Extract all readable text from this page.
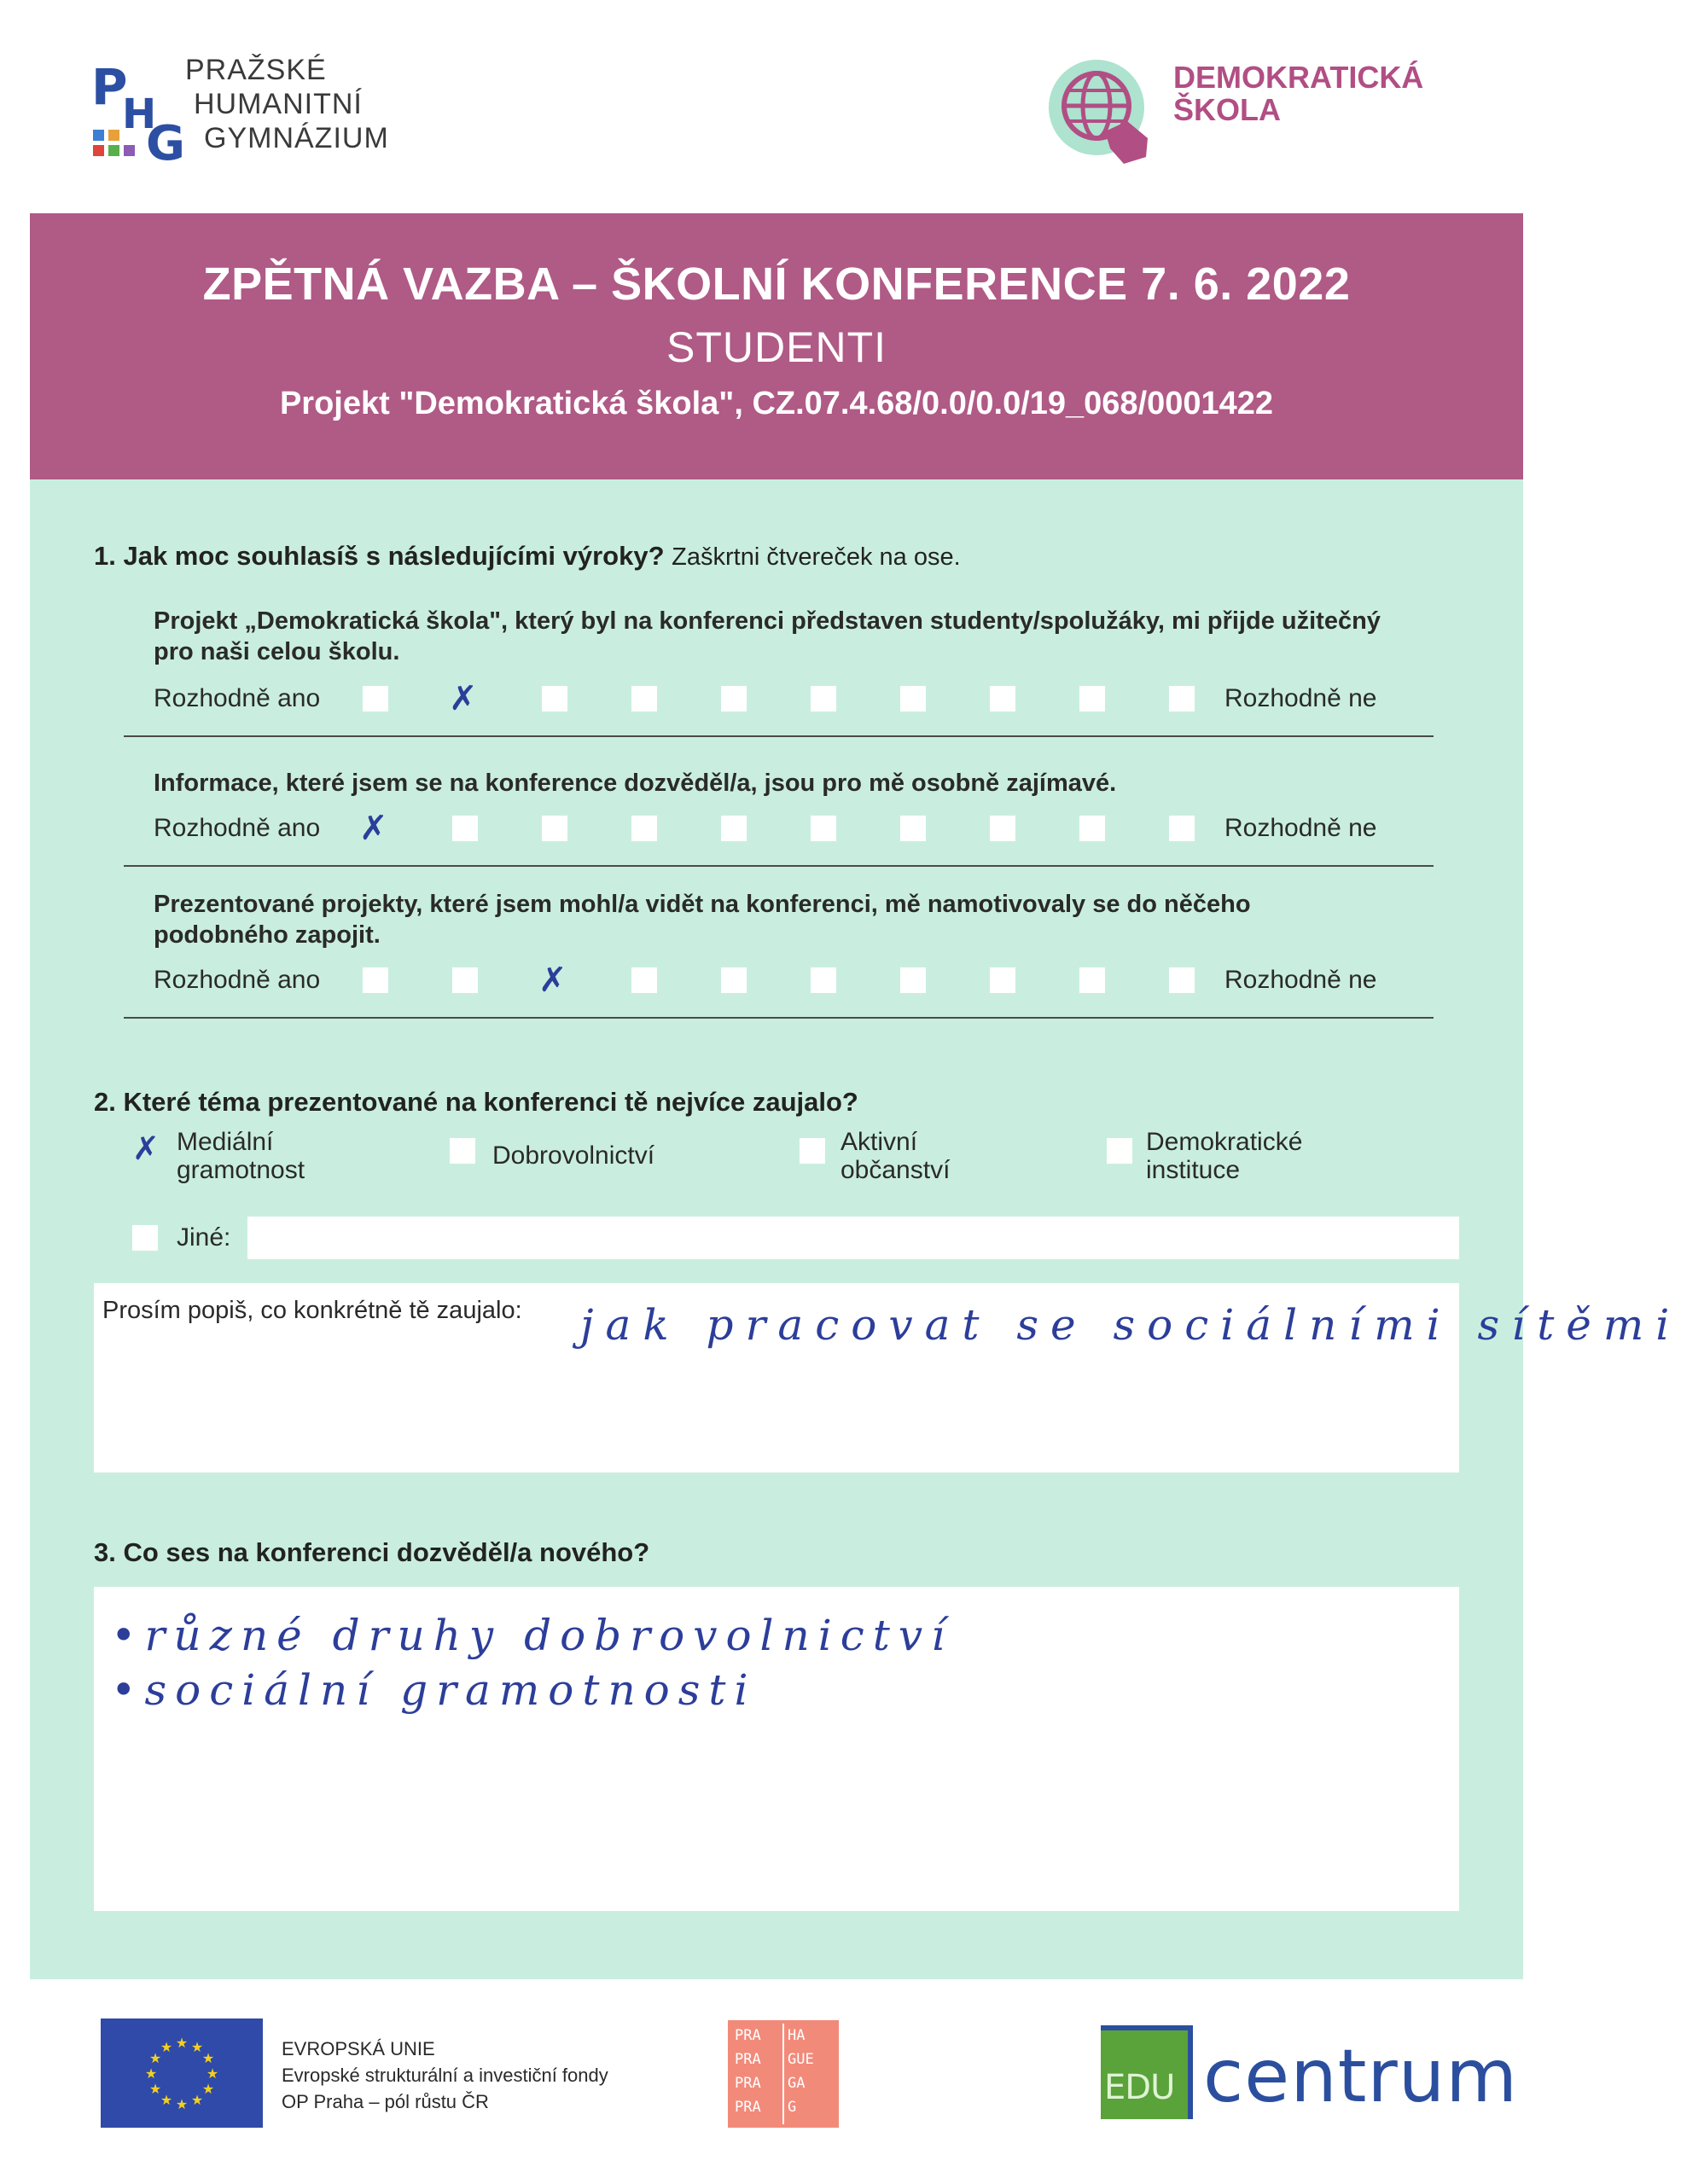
P
H
G
PRAŽSKÉ
HUMANITNÍ
GYMNÁZIUM
DEMOKRATICKÁ
ŠKOLA
ZPĚTNÁ VAZBA – ŠKOLNÍ KONFERENCE 7. 6. 2022
STUDENTI
Projekt "Demokratická škola", CZ.07.4.68/0.0/0.0/19_068/0001422
1. Jak moc souhlasíš s následujícími výroky? Zaškrtni čtvereček na ose.
Projekt „Demokratická škola", který byl na konferenci představen studenty/spolužáky, mi přijde užitečný pro naši celou školu.
Rozhodně ano	✗	Rozhodně ne
Informace, které jsem se na konference dozvěděl/a, jsou pro mě osobně zajímavé.
Rozhodně ano ✗	Rozhodně ne
Prezentované projekty, které jsem mohl/a vidět na konferenci, mě namotivovaly se do něčeho podobného zapojit.
Rozhodně ano	✗	Rozhodně ne
2. Které téma prezentované na konferenci tě nejvíce zaujalo?
✗ Mediální
gramotnost
Dobrovolnictví	Aktivní
občanství
Demokratické
instituce
Jiné:
Prosím popiš, co konkrétně tě zaujalo: jak pracovat se sociálními sítěmi
3. Co ses na konferenci dozvěděl/a nového?
•různé druhy dobrovolnictví
•sociální gramotnosti
★ ★
★
★
★
★
★
★
★
★
★
★	EVROPSKÁ UNIE
Evropské strukturální a investiční fondy
OP Praha – pól růstu ČR
PRA HA
PRA GUE
PRA GA
PRA G	EDU centrum
